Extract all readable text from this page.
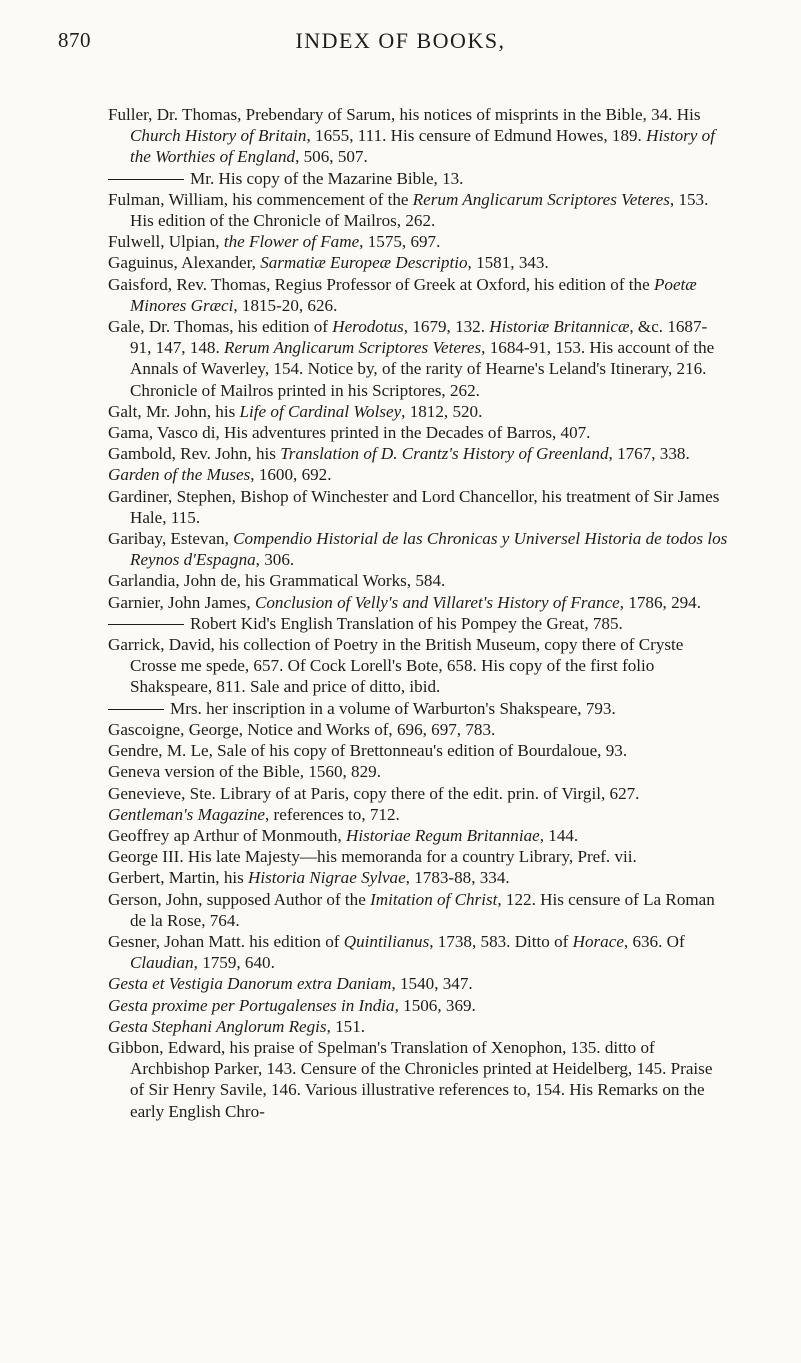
870	INDEX OF BOOKS,

Fuller, Dr. Thomas, Prebendary of Sarum, his notices of misprints in the Bible, 34. His Church History of Britain, 1655, 111. His censure of Edmund Howes, 189. History of the Worthies of England, 506, 507.

Mr. His copy of the Mazarine Bible, 13.

Fulman, William, his commencement of the Rerum Anglicarum Scriptores Veteres, 153. His edition of the Chronicle of Mailros, 262.

Fulwell, Ulpian, the Flower of Fame, 1575, 697.

Gaguinus, Alexander, Sarmatiæ Europeæ Descriptio, 1581, 343.

Gaisford, Rev. Thomas, Regius Professor of Greek at Oxford, his edition of the Poetæ Minores Græci, 1815-20, 626.

Gale, Dr. Thomas, his edition of Herodotus, 1679, 132. Historiæ Britannicæ, &c. 1687-91, 147, 148. Rerum Anglicarum Scriptores Veteres, 1684-91, 153. His account of the Annals of Waverley, 154. Notice by, of the rarity of Hearne's Leland's Itinerary, 216. Chronicle of Mailros printed in his Scriptores, 262.

Galt, Mr. John, his Life of Cardinal Wolsey, 1812, 520.

Gama, Vasco di, His adventures printed in the Decades of Barros, 407.

Gambold, Rev. John, his Translation of D. Crantz's History of Greenland, 1767, 338.

Garden of the Muses, 1600, 692.

Gardiner, Stephen, Bishop of Winchester and Lord Chancellor, his treatment of Sir James Hale, 115.

Garibay, Estevan, Compendio Historial de las Chronicas y Universel Historia de todos los Reynos d'Espagna, 306.

Garlandia, John de, his Grammatical Works, 584.

Garnier, John James, Conclusion of Velly's and Villaret's History of France, 1786, 294.

Robert Kid's English Translation of his Pompey the Great, 785.

Garrick, David, his collection of Poetry in the British Museum, copy there of Cryste Crosse me spede, 657. Of Cock Lorell's Bote, 658. His copy of the first folio Shakspeare, 811. Sale and price of ditto, ibid.

Mrs. her inscription in a volume of Warburton's Shakspeare, 793.

Gascoigne, George, Notice and Works of, 696, 697, 783.

Gendre, M. Le, Sale of his copy of Brettonneau's edition of Bourdaloue, 93.

Geneva version of the Bible, 1560, 829.

Genevieve, Ste. Library of at Paris, copy there of the edit. prin. of Virgil, 627.

Gentleman's Magazine, references to, 712.

Geoffrey ap Arthur of Monmouth, Historiae Regum Britanniae, 144.

George III. His late Majesty—his memoranda for a country Library, Pref. vii.

Gerbert, Martin, his Historia Nigrae Sylvae, 1783-88, 334.

Gerson, John, supposed Author of the Imitation of Christ, 122. His censure of La Roman de la Rose, 764.

Gesner, Johan Matt. his edition of Quintilianus, 1738, 583. Ditto of Horace, 636. Of Claudian, 1759, 640.

Gesta et Vestigia Danorum extra Daniam, 1540, 347.

Gesta proxime per Portugalenses in India, 1506, 369.

Gesta Stephani Anglorum Regis, 151.

Gibbon, Edward, his praise of Spelman's Translation of Xenophon, 135. ditto of Archbishop Parker, 143. Censure of the Chronicles printed at Heidelberg, 145. Praise of Sir Henry Savile, 146. Various illustrative references to, 154. His Remarks on the early English Chro-
